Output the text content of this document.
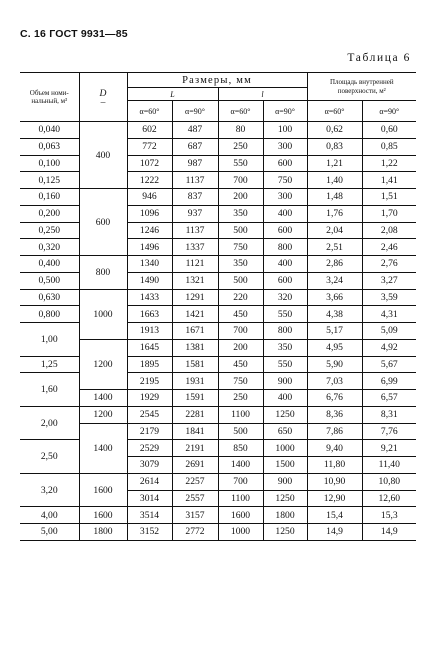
С. 16 ГОСТ 9931—85
Таблица 6
Объем номи-нальный, м³	D
–	Размеры, мм				Площадь внутренней поверхности, м²	

		L		l			
		α=60°	α=90°	α=60°	α=90°		
						α=60°	α=90°
0,040	400	602	487	80	100	0,62	0,60
0,063		772	687	250	300	0,83	0,85
0,100		1072	987	550	600	1,21	1,22
0,125		1222	1137	700	750	1,40	1,41
0,160	600	946	837	200	300	1,48	1,51
0,200		1096	937	350	400	1,76	1,70
0,250		1246	1137	500	600	2,04	2,08
0,320		1496	1337	750	800	2,51	2,46
0,400	800	1340	1121	350	400	2,86	2,76
0,500		1490	1321	500	600	3,24	3,27
0,630	1000	1433	1291	220	320	3,66	3,59
0,800		1663	1421	450	550	4,38	4,31
1,00		1913	1671	700	800	5,17	5,09
	1200	1645	1381	200	350	4,95	4,92
1,25		1895	1581	450	550	5,90	5,67
1,60		2195	1931	750	900	7,03	6,99
	1400	1929	1591	250	400	6,76	6,57
2,00	1200	2545	2281	1100	1250	8,36	8,31
	1400	2179	1841	500	650	7,86	7,76
2,50		2529	2191	850	1000	9,40	9,21
		3079	2691	1400	1500	11,80	11,40
3,20	1600	2614	2257	700	900	10,90	10,80
		3014	2557	1100	1250	12,90	12,60
4,00	1600	3514	3157	1600	1800	15,4	15,3
5,00	1800	3152	2772	1000	1250	14,9	14,9
